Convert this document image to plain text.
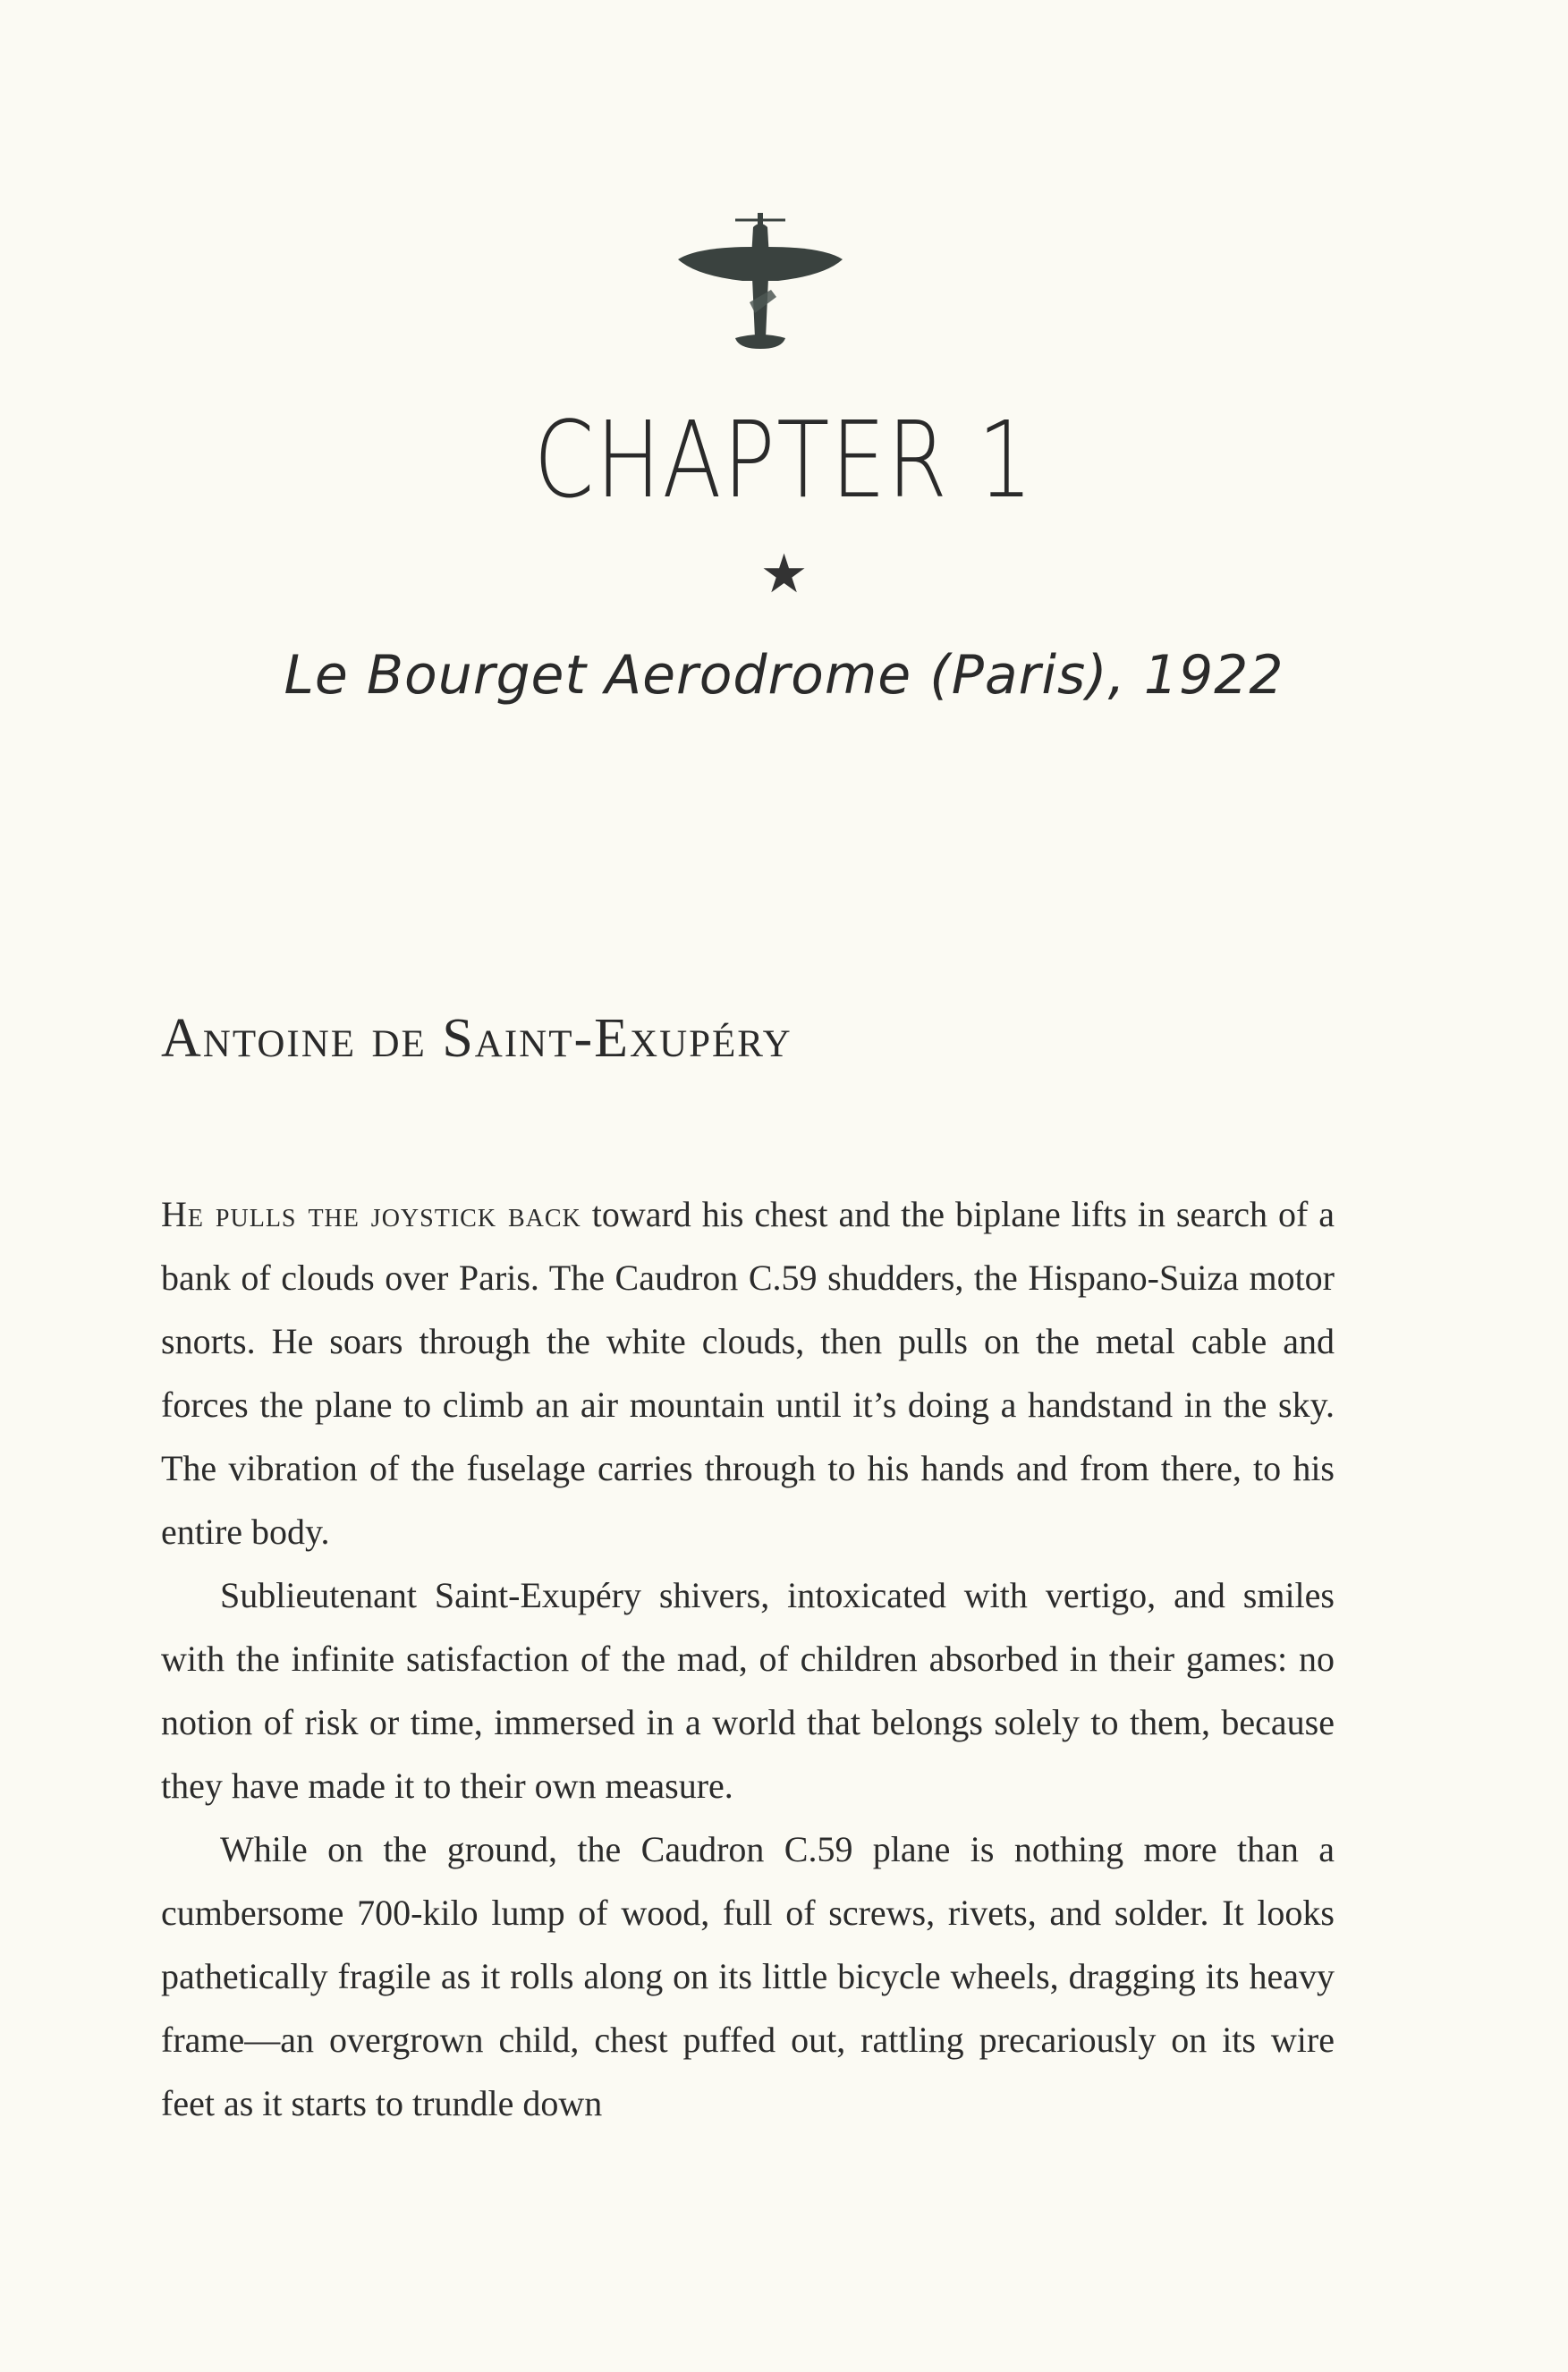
CHAPTER 1
★
Le Bourget Aerodrome (Paris), 1922
Antoine de Saint-Exupéry

He pulls the joystick back toward his chest and the biplane lifts in search of a bank of clouds over Paris. The Caudron C.59 shudders, the Hispano-Suiza motor snorts. He soars through the white clouds, then pulls on the metal cable and forces the plane to climb an air mountain until it’s doing a handstand in the sky. The vibration of the fuselage carries through to his hands and from there, to his entire body.

Sublieutenant Saint-Exupéry shivers, intoxicated with vertigo, and smiles with the infinite satisfaction of the mad, of children absorbed in their games: no notion of risk or time, immersed in a world that belongs solely to them, because they have made it to their own measure.

While on the ground, the Caudron C.59 plane is nothing more than a cumbersome 700-kilo lump of wood, full of screws, rivets, and solder. It looks pathetically fragile as it rolls along on its little bicycle wheels, dragging its heavy frame—an overgrown child, chest puffed out, rattling precariously on its wire feet as it starts to trundle down
